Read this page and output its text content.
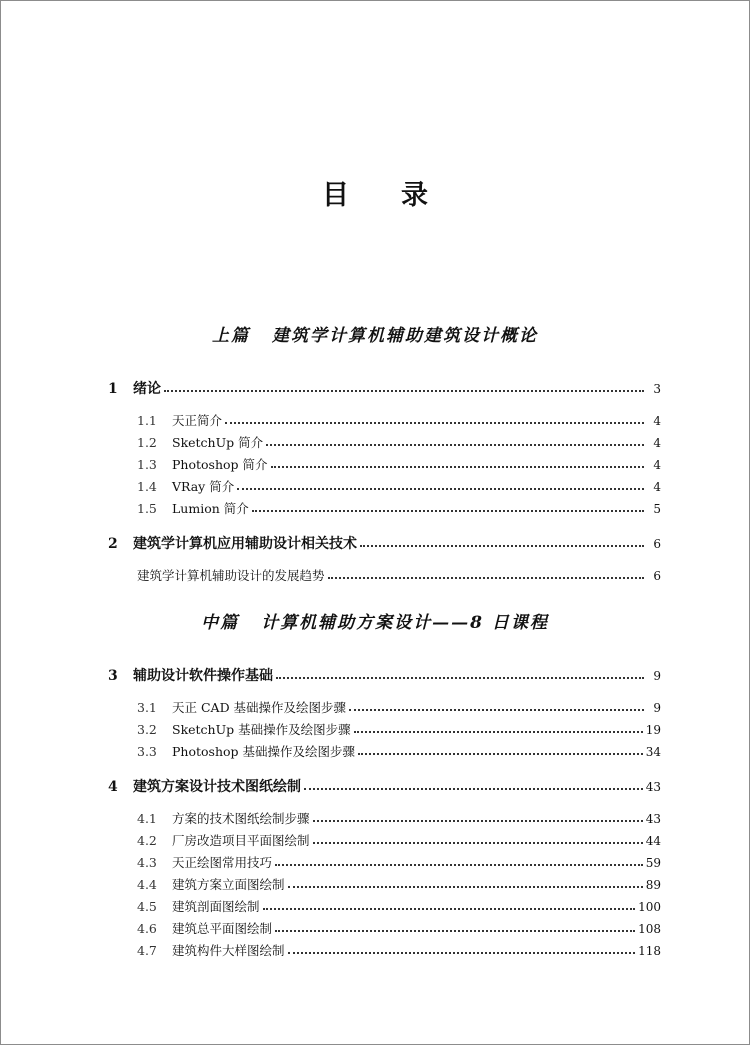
目 录
上篇 建筑学计算机辅助建筑设计概论
1	绪论	3
1.1	天正简介	4
1.2	SketchUp 简介	4
1.3	Photoshop 简介	4
1.4	VRay 简介	4
1.5	Lumion 简介	5
2	建筑学计算机应用辅助设计相关技术	6
建筑学计算机辅助设计的发展趋势	6
中篇 计算机辅助方案设计——8 日课程
3	辅助设计软件操作基础	9
3.1	天正 CAD 基础操作及绘图步骤	9
3.2	SketchUp 基础操作及绘图步骤	19
3.3	Photoshop 基础操作及绘图步骤	34
4	建筑方案设计技术图纸绘制	43
4.1	方案的技术图纸绘制步骤	43
4.2	厂房改造项目平面图绘制	44
4.3	天正绘图常用技巧	59
4.4	建筑方案立面图绘制	89
4.5	建筑剖面图绘制	100
4.6	建筑总平面图绘制	108
4.7	建筑构件大样图绘制	118
